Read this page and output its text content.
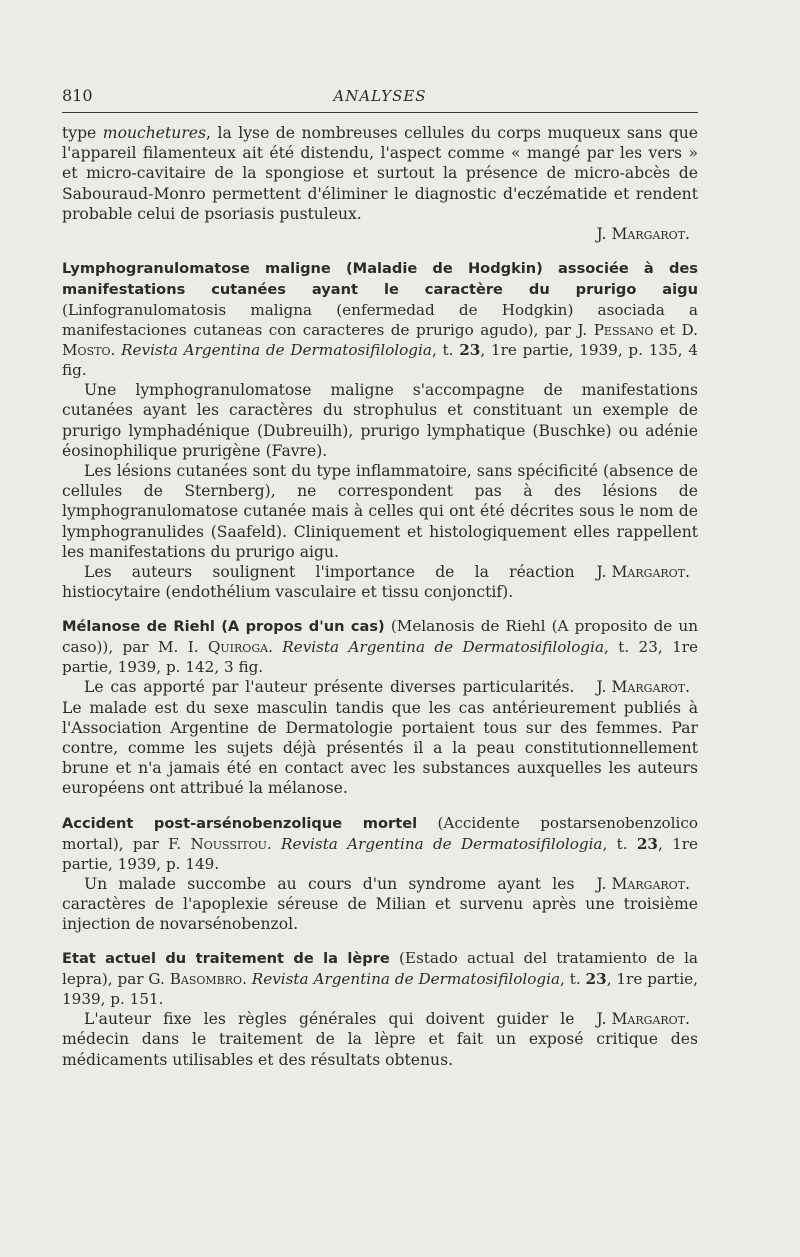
810	ANALYSES

type mouchetures, la lyse de nombreuses cellules du corps muqueux sans que l'appareil filamenteux ait été distendu, l'aspect comme « mangé par les vers » et micro-cavitaire de la spongiose et surtout la présence de micro-abcès de Sabouraud-Monro permettent d'éliminer le diagnostic d'eczématide et rendent probable celui de psoriasis pustuleux.

J. Margarot.

Lymphogranulomatose maligne (Maladie de Hodgkin) associée à des manifestations cutanées ayant le caractère du prurigo aigu (Linfogranulomatosis maligna (enfermedad de Hodgkin) asociada a manifestaciones cutaneas con caracteres de prurigo agudo), par J. Pessano et D. Mosto. Revista Argentina de Dermatosifilologia, t. 23, 1re partie, 1939, p. 135, 4 fig.

Une lymphogranulomatose maligne s'accompagne de manifestations cutanées ayant les caractères du strophulus et constituant un exemple de prurigo lymphadénique (Dubreuilh), prurigo lymphatique (Buschke) ou adénie éosinophilique prurigène (Favre).

Les lésions cutanées sont du type inflammatoire, sans spécificité (absence de cellules de Sternberg), ne correspondent pas à des lésions de lymphogranulomatose cutanée mais à celles qui ont été décrites sous le nom de lymphogranulides (Saafeld). Cliniquement et histologiquement elles rappellent les manifestations du prurigo aigu.

J. Margarot.
Les auteurs soulignent l'importance de la réaction histiocytaire (endothélium vasculaire et tissu conjonctif).

Mélanose de Riehl (A propos d'un cas) (Melanosis de Riehl (A proposito de un caso)), par M. I. Quiroga. Revista Argentina de Dermatosifilologia, t. 23, 1re partie, 1939, p. 142, 3 fig.

J. Margarot.
Le cas apporté par l'auteur présente diverses particularités. Le malade est du sexe masculin tandis que les cas antérieurement publiés à l'Association Argentine de Dermatologie portaient tous sur des femmes. Par contre, comme les sujets déjà présentés il a la peau constitutionnellement brune et n'a jamais été en contact avec les substances auxquelles les auteurs européens ont attribué la mélanose.

Accident post-arsénobenzolique mortel (Accidente postarsenobenzolico mortal), par F. Noussitou. Revista Argentina de Dermatosifilologia, t. 23, 1re partie, 1939, p. 149.

J. Margarot.
Un malade succombe au cours d'un syndrome ayant les caractères de l'apoplexie séreuse de Milian et survenu après une troisième injection de novarsénobenzol.

Etat actuel du traitement de la lèpre (Estado actual del tratamiento de la lepra), par G. Basombro. Revista Argentina de Dermatosifilologia, t. 23, 1re partie, 1939, p. 151.

J. Margarot.
L'auteur fixe les règles générales qui doivent guider le médecin dans le traitement de la lèpre et fait un exposé critique des médicaments utilisables et des résultats obtenus.
